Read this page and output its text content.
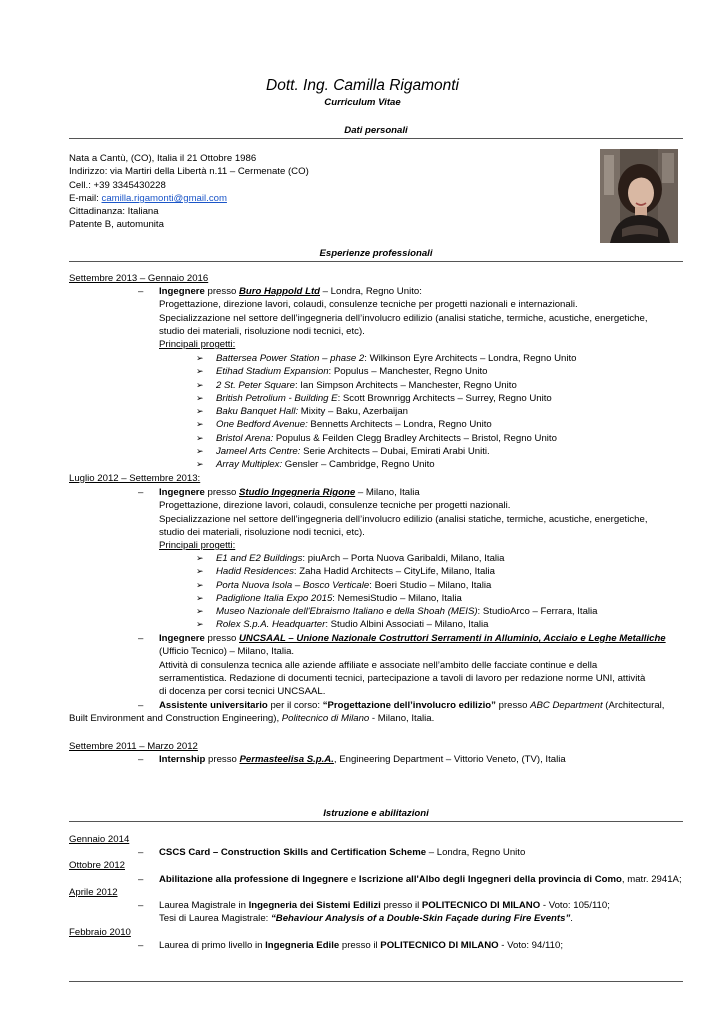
Dott. Ing. Camilla Rigamonti
Curriculum Vitae
Dati personali
Nata a Cantù, (CO), Italia il 21 Ottobre 1986
Indirizzo: via Martiri della Libertà n.11 – Cermenate (CO)
Cell.: +39 3345430228
E-mail: camilla.rigamonti@gmail.com
Cittadinanza: Italiana
Patente B, automunita
Esperienze professionali
Settembre 2013 – Gennaio 2016
–	Ingegnere presso Buro Happold Ltd – Londra, Regno Unito:
Progettazione, direzione lavori, colaudi, consulenze tecniche per progetti nazionali e internazionali.
Specializzazione nel settore dell’ingegneria dell’involucro edilizio (analisi statiche, termiche, acustiche, energetiche,
studio dei materiali, risoluzione nodi tecnici, etc).
Principali progetti:
➢ Battersea Power Station – phase 2: Wilkinson Eyre Architects – Londra, Regno Unito
➢ Etihad Stadium Expansion: Populus – Manchester, Regno Unito
➢ 2 St. Peter Square: Ian Simpson Architects – Manchester, Regno Unito
➢ British Petrolium - Building E: Scott Brownrigg Architects – Surrey, Regno Unito
➢ Baku Banquet Hall: Mixity – Baku, Azerbaijan
➢ One Bedford Avenue: Bennetts Architects – Londra, Regno Unito
➢ Bristol Arena: Populus & Feilden Clegg Bradley Architects – Bristol, Regno Unito
➢ Jameel Arts Centre: Serie Architects – Dubai, Emirati Arabi Uniti.
➢ Array Multiplex: Gensler – Cambridge, Regno Unito
Luglio 2012 – Settembre 2013:
–	Ingegnere presso Studio Ingegneria Rigone – Milano, Italia
Progettazione, direzione lavori, colaudi, consulenze tecniche per progetti nazionali.
Specializzazione nel settore dell’ingegneria dell’involucro edilizio (analisi statiche, termiche, acustiche, energetiche,
studio dei materiali, risoluzione nodi tecnici, etc).
Principali progetti:
➢ E1 and E2 Buildings: piuArch – Porta Nuova Garibaldi, Milano, Italia
➢ Hadid Residences: Zaha Hadid Architects – CityLife, Milano, Italia
➢ Porta Nuova Isola – Bosco Verticale: Boeri Studio – Milano, Italia
➢ Padiglione Italia Expo 2015: NemesiStudio – Milano, Italia
➢ Museo Nazionale dell'Ebraismo Italiano e della Shoah (MEIS): StudioArco – Ferrara, Italia
➢ Rolex S.p.A. Headquarter: Studio Albini Associati – Milano, Italia
–	Ingegnere presso UNCSAAL – Unione Nazionale Costruttori Serramenti in Alluminio, Acciaio e Leghe Metalliche
(Ufficio Tecnico) – Milano, Italia.
Attività di consulenza tecnica alle aziende affiliate e associate nell’ambito delle facciate continue e della
serramentistica. Redazione di documenti tecnici, partecipazione a tavoli di lavoro per redazione norme UNI, attività
di docenza per corsi tecnici UNCSAAL.
–	Assistente universitario per il corso: “Progettazione dell’involucro edilizio” presso ABC Department (Architectural,
Built Environment and Construction Engineering), Politecnico di Milano - Milano, Italia.
Settembre 2011 – Marzo 2012
–	Internship presso Permasteelisa S.p.A., Engineering Department – Vittorio Veneto, (TV), Italia
Istruzione e abilitazioni
Gennaio 2014
–	CSCS Card – Construction Skills and Certification Scheme – Londra, Regno Unito
Ottobre 2012
–	Abilitazione alla professione di Ingegnere e Iscrizione all'Albo degli Ingegneri della provincia di Como, matr. 2941A;
Aprile 2012
–	Laurea Magistrale in Ingegneria dei Sistemi Edilizi presso il POLITECNICO DI MILANO - Voto: 105/110;
Tesi di Laurea Magistrale: “Behaviour Analysis of a Double-Skin Façade during Fire Events”.
Febbraio 2010
–	Laurea di primo livello in Ingegneria Edile presso il POLITECNICO DI MILANO - Voto: 94/110;
